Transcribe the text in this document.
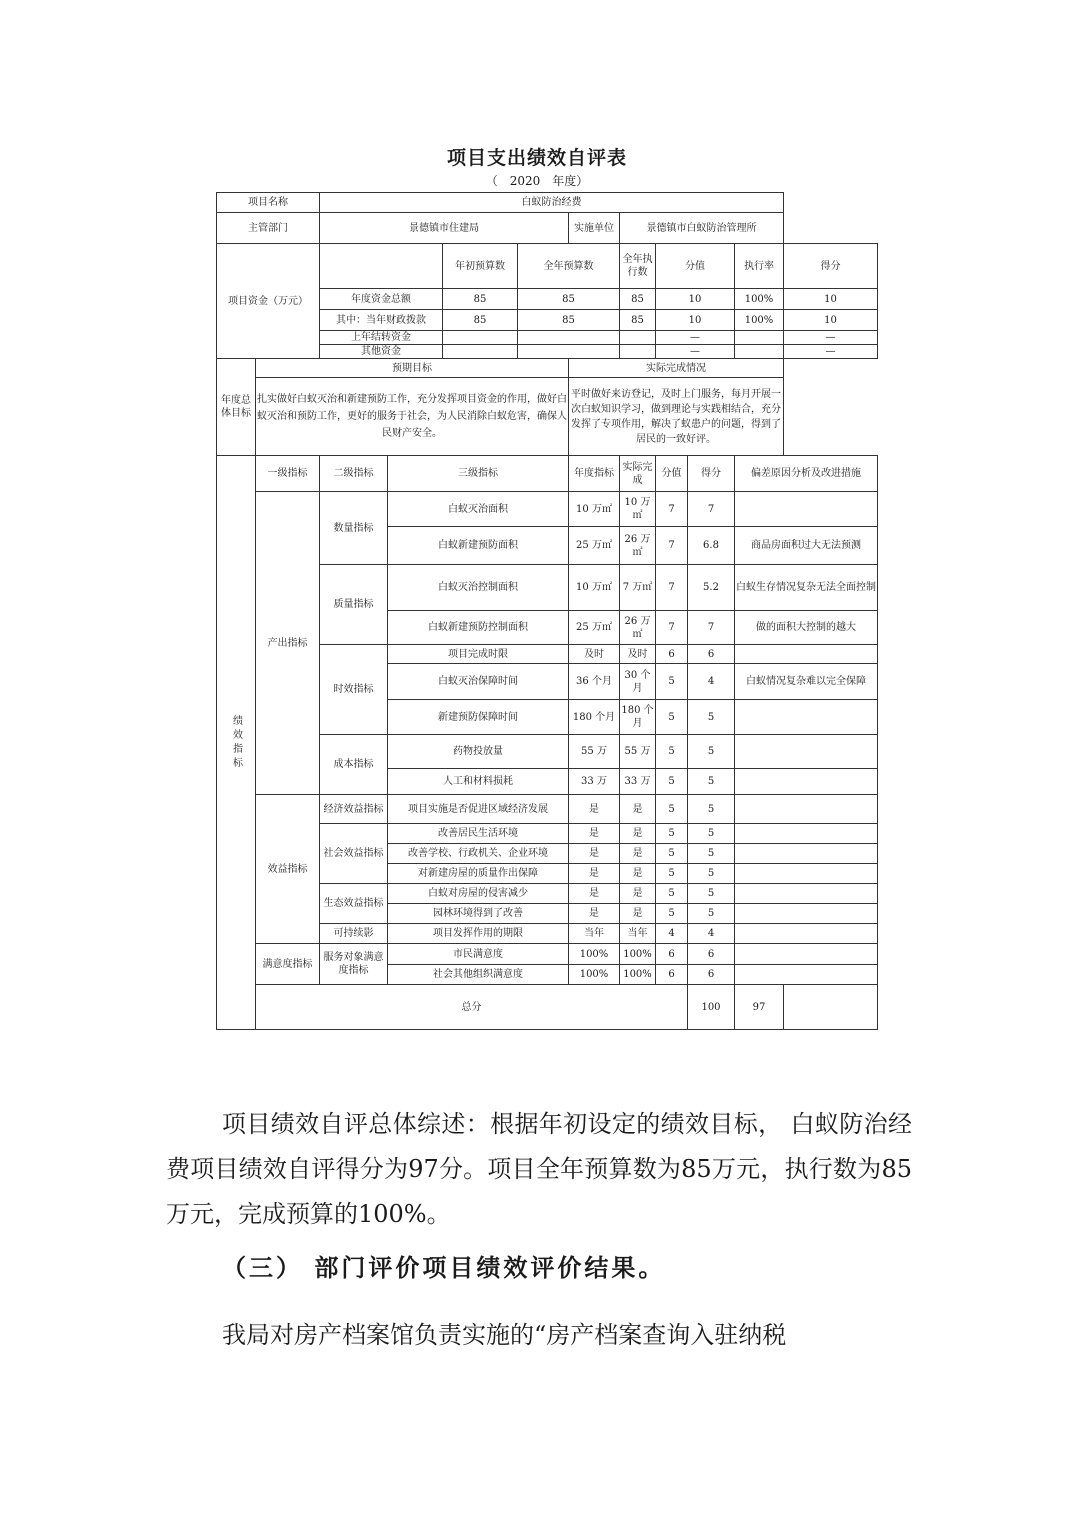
项目支出绩效自评表
（ 2020 年度）
项目名称		白蚁防治经费									
主管部门		景德镇市住建局				实施单位	景德镇市白蚁防治管理所				
项目资金（万元）				年初预算数	全年预算数		全年执行数	分值		执行率	得分
		年度资金总额		85	85		85	10		100%	10
		其中：当年财政拨款		85	85		85	10		100%	10
		上年结转资金						—			—
		其他资金						—			—
年度总体目标	预期目标					实际完成情况					
	扎实做好白蚁灭治和新建预防工作，充分发挥项目资金的作用，做好白蚁灭治和预防工作，更好的服务于社会，为人民消除白蚁危害，确保人民财产安全。					平时做好来访登记，及时上门服务，每月开展一次白蚁知识学习，做到理论与实践相结合，充分发挥了专项作用，解决了蚁患户的问题，得到了居民的一致好评。					
绩效指标	一级指标	二级指标	三级指标			年度指标	实际完成	分值	得分	偏差原因分析及改进措施	
	产出指标	数量指标	白蚁灭治面积			10 万㎡	10 万㎡	7	7		
			白蚁新建预防面积			25 万㎡	26 万㎡	7	6.8	商品房面积过大无法预测	
		质量指标	白蚁灭治控制面积			10 万㎡	7 万㎡	7	5.2	白蚁生存情况复杂无法全面控制	
			白蚁新建预防控制面积			25 万㎡	26 万㎡	7	7	做的面积大控制的越大	
		时效指标	项目完成时限			及时	及时	6	6		
			白蚁灭治保障时间			36 个月	30 个月	5	4	白蚁情况复杂难以完全保障	
			新建预防保障时间			180 个月	180 个月	5	5		
		成本指标	药物投放量			55 万	55 万	5	5		
			人工和材料损耗			33 万	33 万	5	5		
	效益指标	经济效益指标	项目实施是否促进区域经济发展			是	是	5	5		
		社会效益指标	改善居民生活环境			是	是	5	5		
			改善学校、行政机关、企业环境			是	是	5	5		
			对新建房屋的质量作出保障			是	是	5	5		
		生态效益指标	白蚁对房屋的侵害减少			是	是	5	5		
			园林环境得到了改善			是	是	5	5		
		可持续影	项目发挥作用的期限			当年	当年	4	4		
	满意度指标	服务对象满意度指标	市民满意度			100%	100%	6	6		
			社会其他组织满意度			100%	100%	6	6		
	总分								100	97	

项目绩效自评总体综述：根据年初设定的绩效目标， 白蚁防治经费项目绩效自评得分为97分。项目全年预算数为85万元，执行数为85万元，完成预算的100%。

（三） 部门评价项目绩效评价结果。

我局对房产档案馆负责实施的“房产档案查询入驻纳税
